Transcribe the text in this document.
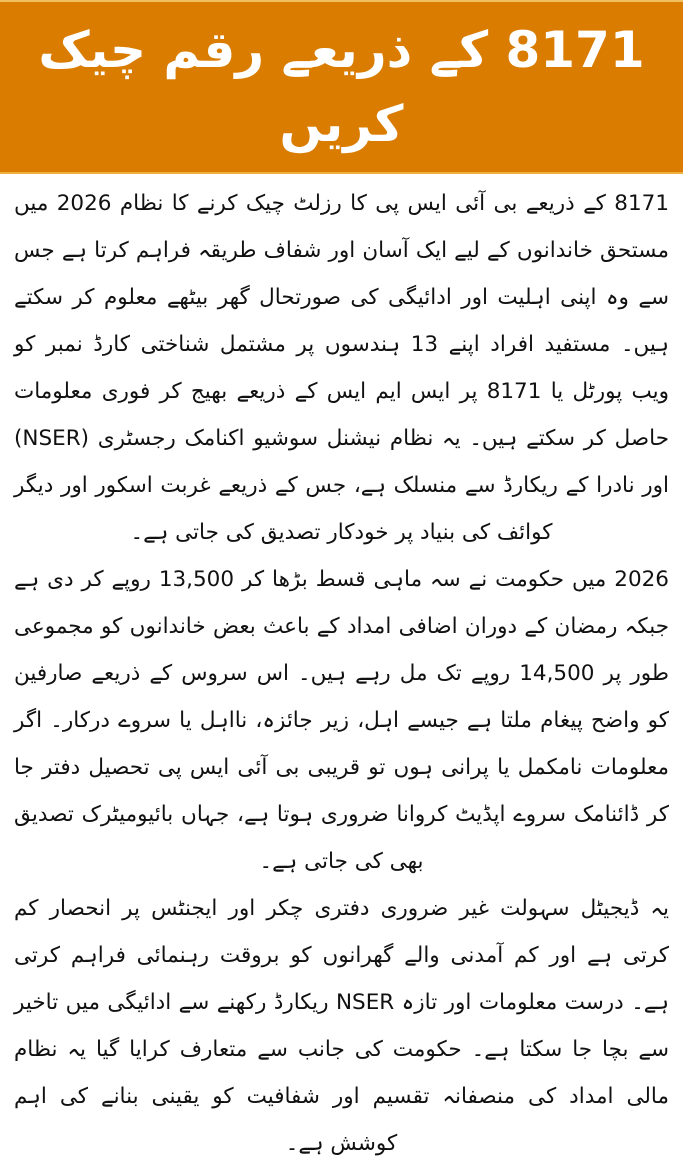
8171 کے ذریعے رقم چیک کریں

8171 کے ذریعے بی آئی ایس پی کا رزلٹ چیک کرنے کا نظام 2026 میں مستحق خاندانوں کے لیے ایک آسان اور شفاف طریقہ فراہم کرتا ہے جس سے وہ اپنی اہلیت اور ادائیگی کی صورتحال گھر بیٹھے معلوم کر سکتے ہیں۔ مستفید افراد اپنے 13 ہندسوں پر مشتمل شناختی کارڈ نمبر کو ویب پورٹل یا 8171 پر ایس ایم ایس کے ذریعے بھیج کر فوری معلومات حاصل کر سکتے ہیں۔ یہ نظام نیشنل سوشیو اکنامک رجسٹری (NSER) اور نادرا کے ریکارڈ سے منسلک ہے، جس کے ذریعے غربت اسکور اور دیگر کوائف کی بنیاد پر خودکار تصدیق کی جاتی ہے۔

2026 میں حکومت نے سہ ماہی قسط بڑھا کر 13,500 روپے کر دی ہے جبکہ رمضان کے دوران اضافی امداد کے باعث بعض خاندانوں کو مجموعی طور پر 14,500 روپے تک مل رہے ہیں۔ اس سروس کے ذریعے صارفین کو واضح پیغام ملتا ہے جیسے اہل، زیر جائزہ، نااہل یا سروے درکار۔ اگر معلومات نامکمل یا پرانی ہوں تو قریبی بی آئی ایس پی تحصیل دفتر جا کر ڈائنامک سروے اپڈیٹ کروانا ضروری ہوتا ہے، جہاں بائیومیٹرک تصدیق بھی کی جاتی ہے۔

یہ ڈیجیٹل سہولت غیر ضروری دفتری چکر اور ایجنٹس پر انحصار کم کرتی ہے اور کم آمدنی والے گھرانوں کو بروقت رہنمائی فراہم کرتی ہے۔ درست معلومات اور تازہ NSER ریکارڈ رکھنے سے ادائیگی میں تاخیر سے بچا جا سکتا ہے۔ حکومت کی جانب سے متعارف کرایا گیا یہ نظام مالی امداد کی منصفانہ تقسیم اور شفافیت کو یقینی بنانے کی اہم کوشش ہے۔
